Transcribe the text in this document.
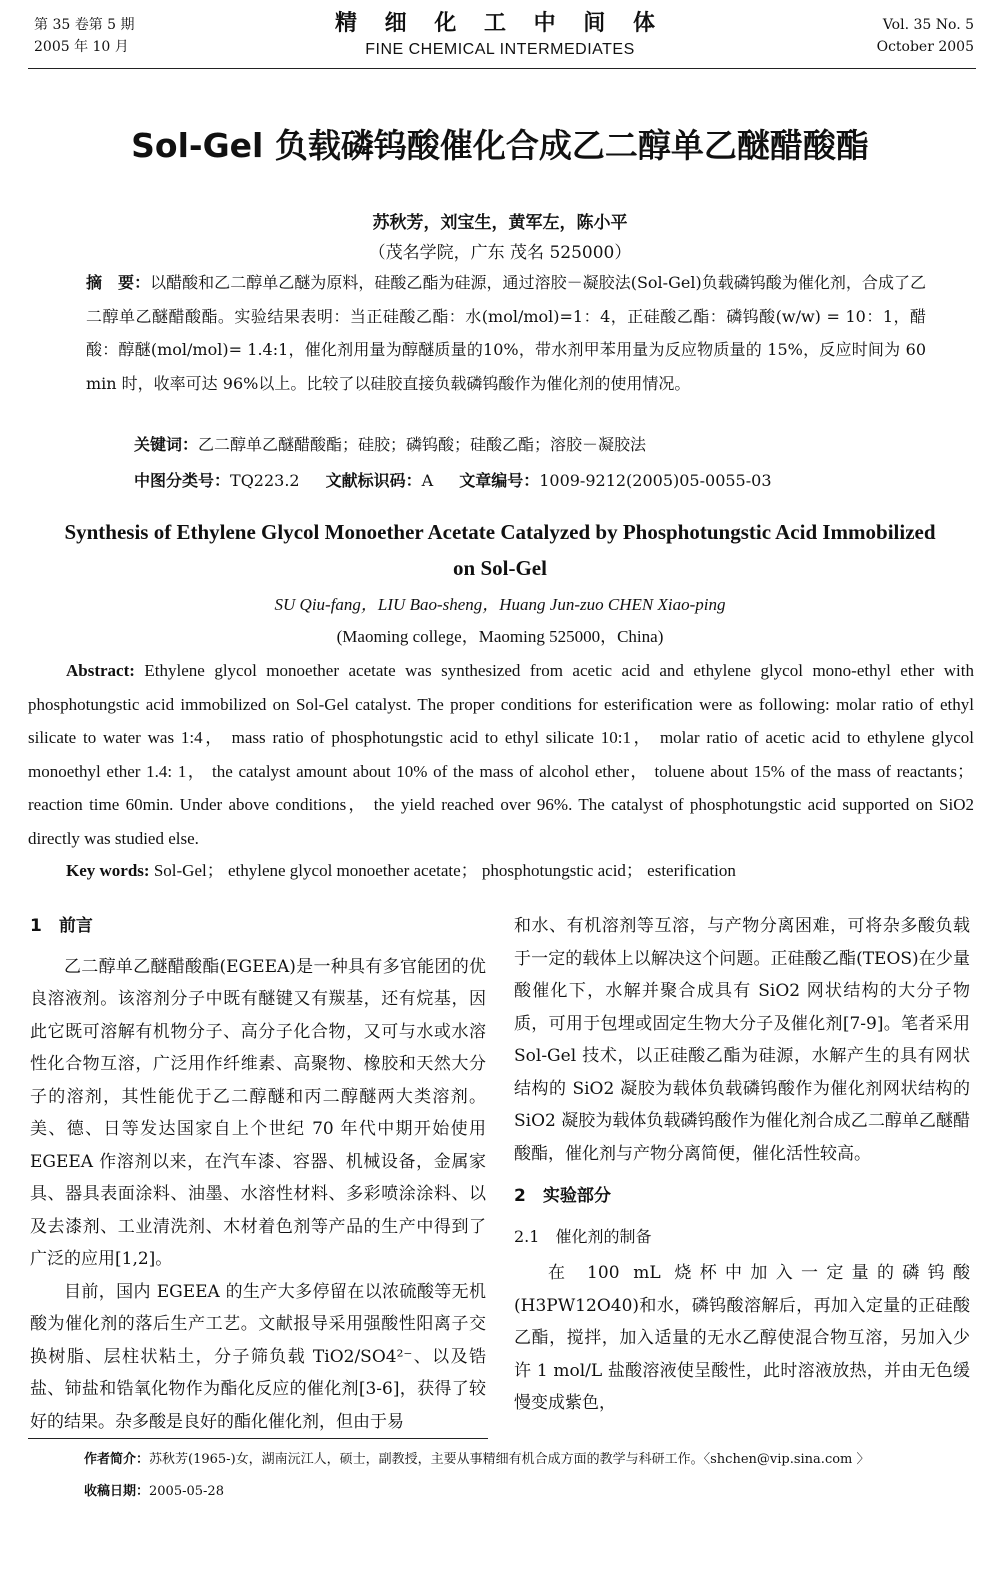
第 35 卷第 5 期
2005 年 10 月
精 细 化 工 中 间 体
FINE CHEMICAL INTERMEDIATES
Vol. 35 No. 5
October 2005
Sol-Gel 负载磷钨酸催化合成乙二醇单乙醚醋酸酯
苏秋芳，刘宝生，黄军左，陈小平
（茂名学院，广东 茂名 525000）
摘　要：以醋酸和乙二醇单乙醚为原料，硅酸乙酯为硅源，通过溶胶－凝胶法(Sol-Gel)负载磷钨酸为催化剂，合成了乙二醇单乙醚醋酸酯。实验结果表明：当正硅酸乙酯：水(mol/mol)=1：4，正硅酸乙酯：磷钨酸(w/w) = 10：1，醋酸：醇醚(mol/mol)= 1.4:1，催化剂用量为醇醚质量的10%，带水剂甲苯用量为反应物质量的 15%，反应时间为 60 min 时，收率可达 96%以上。比较了以硅胶直接负载磷钨酸作为催化剂的使用情况。
关键词：乙二醇单乙醚醋酸酯；硅胶；磷钨酸；硅酸乙酯；溶胶－凝胶法
中图分类号：TQ223.2 文献标识码：A 文章编号：1009-9212(2005)05-0055-03
Synthesis of Ethylene Glycol Monoether Acetate Catalyzed by Phosphotungstic Acid Immobilized on Sol-Gel
SU Qiu-fang，LIU Bao-sheng，Huang Jun-zuo CHEN Xiao-ping
(Maoming college，Maoming 525000，China)
Abstract: Ethylene glycol monoether acetate was synthesized from acetic acid and ethylene glycol mono-ethyl ether with phosphotungstic acid immobilized on Sol-Gel catalyst. The proper conditions for esterification were as following: molar ratio of ethyl silicate to water was 1:4， mass ratio of phosphotungstic acid to ethyl silicate 10:1， molar ratio of acetic acid to ethylene glycol monoethyl ether 1.4: 1， the catalyst amount about 10% of the mass of alcohol ether， toluene about 15% of the mass of reactants； reaction time 60min. Under above conditions， the yield reached over 96%. The catalyst of phosphotungstic acid supported on SiO2 directly was studied else.
Key words: Sol-Gel； ethylene glycol monoether acetate； phosphotungstic acid； esterification
1　前言

乙二醇单乙醚醋酸酯(EGEEA)是一种具有多官能团的优良溶液剂。该溶剂分子中既有醚键又有羰基，还有烷基，因此它既可溶解有机物分子、高分子化合物，又可与水或水溶性化合物互溶，广泛用作纤维素、高聚物、橡胶和天然大分子的溶剂，其性能优于乙二醇醚和丙二醇醚两大类溶剂。美、德、日等发达国家自上个世纪 70 年代中期开始使用 EGEEA 作溶剂以来，在汽车漆、容器、机械设备，金属家具、器具表面涂料、油墨、水溶性材料、多彩喷涂涂料、以及去漆剂、工业清洗剂、木材着色剂等产品的生产中得到了广泛的应用[1,2]。

目前，国内 EGEEA 的生产大多停留在以浓硫酸等无机酸为催化剂的落后生产工艺。文献报导采用强酸性阳离子交换树脂、层柱状粘土，分子筛负载 TiO2/SO4²⁻、以及锆盐、铈盐和锆氧化物作为酯化反应的催化剂[3-6]，获得了较好的结果。杂多酸是良好的酯化催化剂，但由于易

和水、有机溶剂等互溶，与产物分离困难，可将杂多酸负载于一定的载体上以解决这个问题。正硅酸乙酯(TEOS)在少量酸催化下，水解并聚合成具有 SiO2 网状结构的大分子物质，可用于包埋或固定生物大分子及催化剂[7-9]。笔者采用 Sol-Gel 技术，以正硅酸乙酯为硅源，水解产生的具有网状结构的 SiO2 凝胶为载体负载磷钨酸作为催化剂网状结构的 SiO2 凝胶为载体负载磷钨酸作为催化剂合成乙二醇单乙醚醋酸酯，催化剂与产物分离简便，催化活性较高。

2　实验部分
2.1　催化剂的制备

在 100 mL 烧杯中加入一定量的磷钨酸(H3PW12O40)和水，磷钨酸溶解后，再加入定量的正硅酸乙酯，搅拌，加入适量的无水乙醇使混合物互溶，另加入少许 1 mol/L 盐酸溶液使呈酸性，此时溶液放热，并由无色缓慢变成紫色，

作者简介：苏秋芳(1965-)女，湖南沅江人，硕士，副教授，主要从事精细有机合成方面的教学与科研工作。〈shchen@vip.sina.com 〉
收稿日期：2005-05-28
